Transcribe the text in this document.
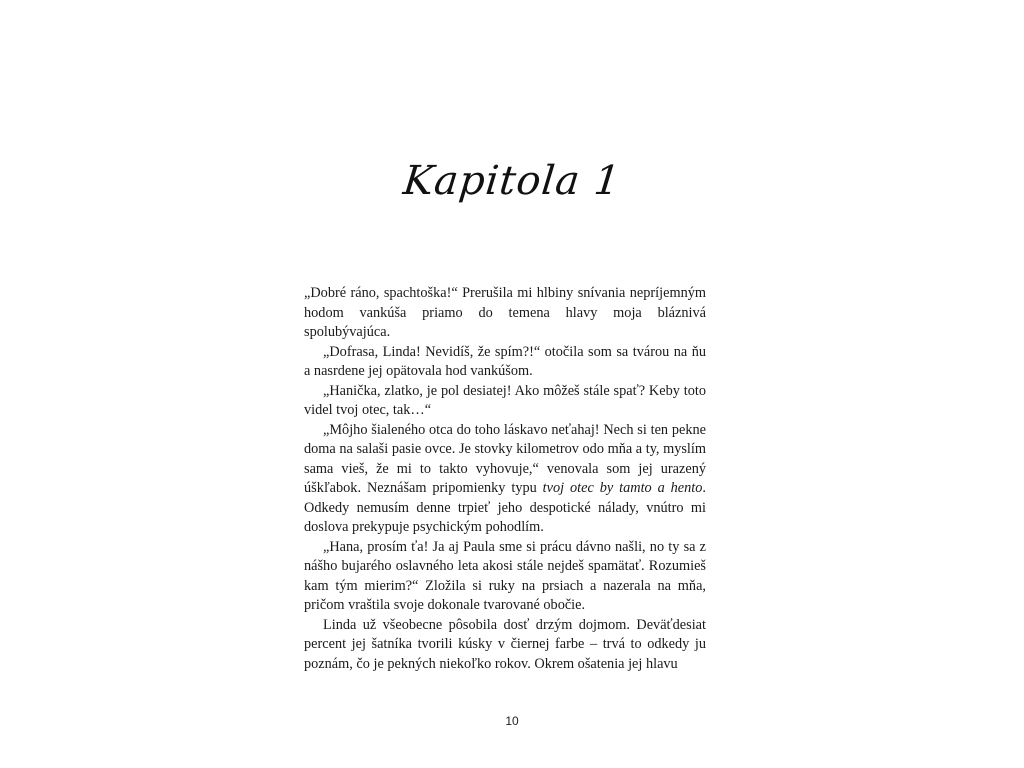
Kapitola 1

„Dobré ráno, spachtoška!“ Prerušila mi hlbiny snívania nepríjemným hodom vankúša priamo do temena hlavy moja bláznivá spolubývajúca.

„Dofrasa, Linda! Nevidíš, že spím?!“ otočila som sa tvárou na ňu a nasrdene jej opätovala hod vankúšom.

„Hanička, zlatko, je pol desiatej! Ako môžeš stále spať? Keby toto videl tvoj otec, tak…“

„Môjho šialeného otca do toho láskavo neťahaj! Nech si ten pekne doma na salaši pasie ovce. Je stovky kilometrov odo mňa a ty, myslím sama vieš, že mi to takto vyhovuje,“ venovala som jej urazený úškľabok. Neznášam pripomienky typu tvoj otec by tamto a hento. Odkedy nemusím denne trpieť jeho despotické nálady, vnútro mi doslova prekypuje psychickým pohodlím.

„Hana, prosím ťa! Ja aj Paula sme si prácu dávno našli, no ty sa z nášho bujarého oslavného leta akosi stále nejdeš spamätať. Rozumieš kam tým mierim?“ Zložila si ruky na prsiach a nazerala na mňa, pričom vraštila svoje dokonale tvarované obočie.

Linda už všeobecne pôsobila dosť drzým dojmom. Deväťdesiat percent jej šatníka tvorili kúsky v čiernej farbe – trvá to odkedy ju poznám, čo je pekných niekoľko rokov. Okrem ošatenia jej hlavu

10
